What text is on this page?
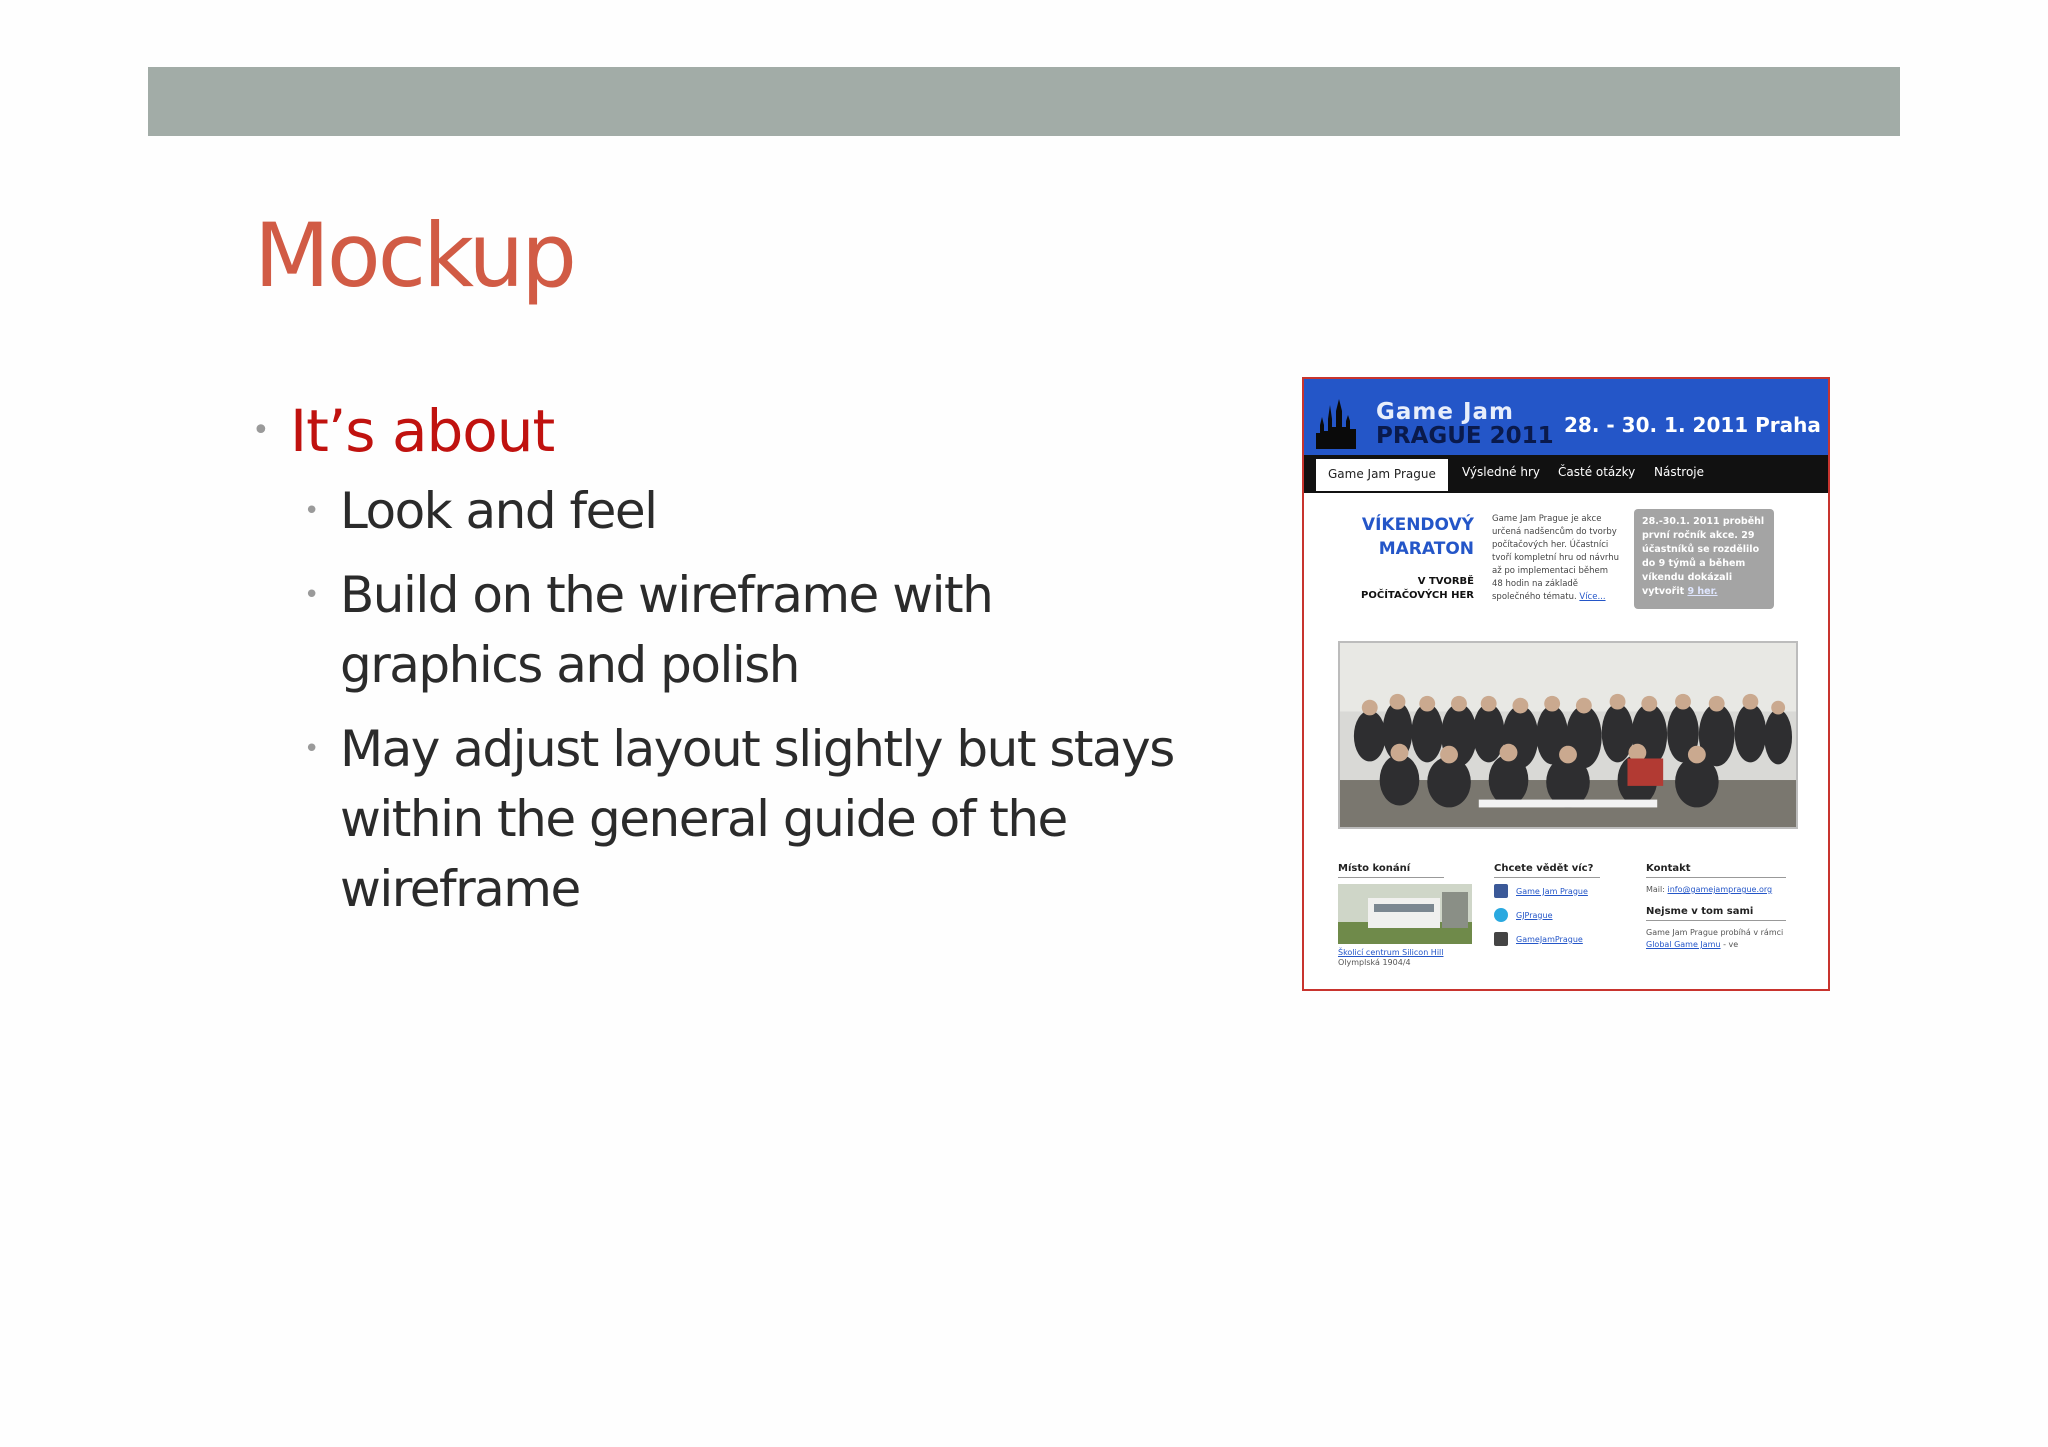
Mockup
• It’s about
• Look and feel
• Build on the wireframe with graphics and polish
• May adjust layout slightly but stays within the general guide of the wireframe
Game Jam
PRAGUE 2011 28. - 30. 1. 2011 Praha
Game Jam Prague	Výsledné hry Časté otázky Nástroje
VÍKENDOVÝ MARATON
V TVORBĚ POČÍTAČOVÝCH HER
Game Jam Prague je akce určená nadšencům do tvorby počítačových her. Účastníci tvoří kompletní hru od návrhu až po implementaci během 48 hodin na základě společného tématu. Více...
28.-30.1. 2011 proběhl první ročník akce. 29 účastníků se rozdělilo do 9 týmů a během víkendu dokázali vytvořit 9 her.
Místo konání
Školicí centrum Silicon Hill
Olymplská 1904/4
Chcete vědět víc?
Game Jam Prague
GJPrague
GameJamPrague
Kontakt
Mail: info@gamejamprague.org
Nejsme v tom sami
Game Jam Prague probíhá v rámci Global Game Jamu - ve
